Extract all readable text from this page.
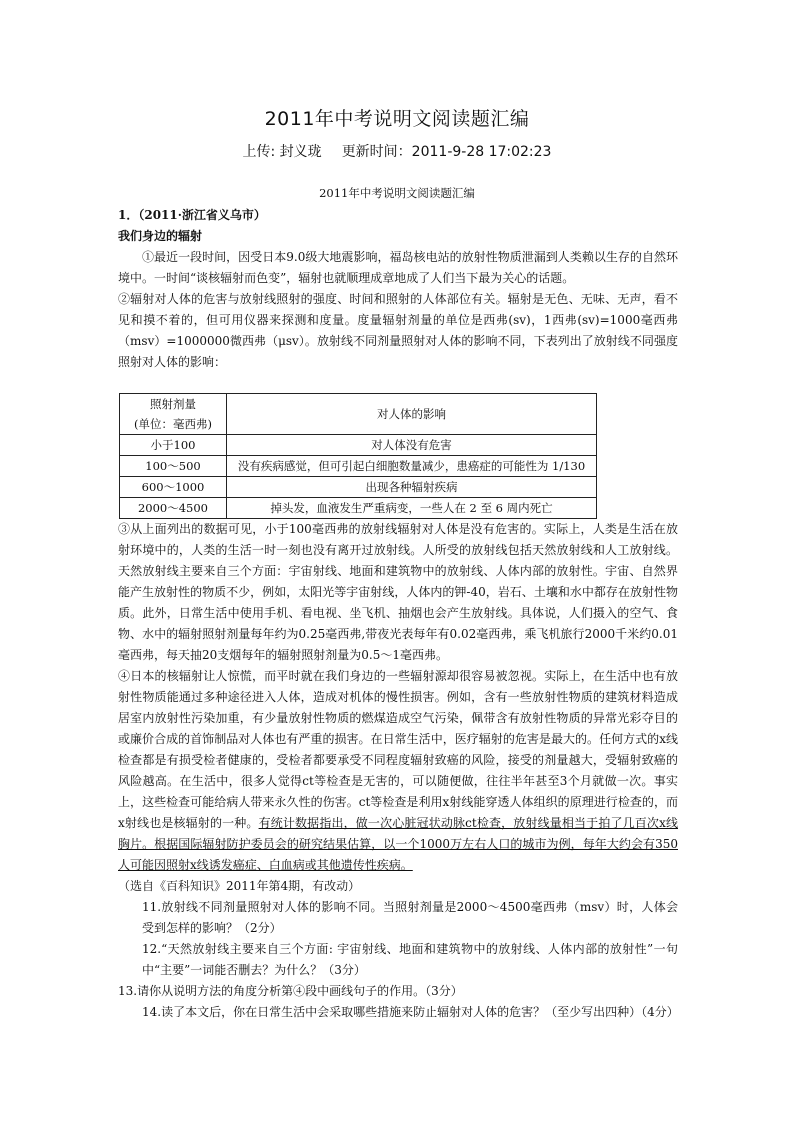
2011年中考说明文阅读题汇编
上传: 封义珑 更新时间：2011-9-28 17:02:23
2011年中考说明文阅读题汇编

1．（2011·浙江省义乌市）

我们身边的辐射

①最近一段时间，因受日本9.0级大地震影响，福岛核电站的放射性物质泄漏到人类赖以生存的自然环境中。一时间“谈核辐射而色变”，辐射也就顺理成章地成了人们当下最为关心的话题。

②辐射对人体的危害与放射线照射的强度、时间和照射的人体部位有关。辐射是无色、无味、无声，看不见和摸不着的，但可用仪器来探测和度量。度量辐射剂量的单位是西弗(sv)，1西弗(sv)=1000毫西弗（msv）=1000000微西弗（μsv）。放射线不同剂量照射对人体的影响不同，下表列出了放射线不同强度照射对人体的影响：

照射剂量
(单位：毫西弗)	对人体的影响
小于100	对人体没有危害
100～500	没有疾病感觉，但可引起白细胞数量减少，患癌症的可能性为 1/130
600～1000	出现各种辐射疾病
2000～4500	掉头发，血液发生严重病变，一些人在 2 至 6 周内死亡

③从上面列出的数据可见，小于100毫西弗的放射线辐射对人体是没有危害的。实际上，人类是生活在放射环境中的，人类的生活一时一刻也没有离开过放射线。人所受的放射线包括天然放射线和人工放射线。天然放射线主要来自三个方面：宇宙射线、地面和建筑物中的放射线、人体内部的放射性。宇宙、自然界能产生放射性的物质不少，例如，太阳光等宇宙射线，人体内的钾-40，岩石、土壤和水中都存在放射性物质。此外，日常生活中使用手机、看电视、坐飞机、抽烟也会产生放射线。具体说，人们摄入的空气、食物、水中的辐射照射剂量每年约为0.25毫西弗,带夜光表每年有0.02毫西弗，乘飞机旅行2000千米约0.01毫西弗，每天抽20支烟每年的辐射照射剂量为0.5～1毫西弗。

④日本的核辐射让人惊慌，而平时就在我们身边的一些辐射源却很容易被忽视。实际上，在生活中也有放射性物质能通过多种途径进入人体，造成对机体的慢性损害。例如，含有一些放射性物质的建筑材料造成居室内放射性污染加重，有少量放射性物质的燃煤造成空气污染，佩带含有放射性物质的异常光彩夺目的或廉价合成的首饰制品对人体也有严重的损害。在日常生活中，医疗辐射的危害是最大的。任何方式的x线检查都是有损受检者健康的，受检者都要承受不同程度辐射致癌的风险，接受的剂量越大，受辐射致癌的风险越高。在生活中，很多人觉得ct等检查是无害的，可以随便做，往往半年甚至3个月就做一次。事实上，这些检查可能给病人带来永久性的伤害。ct等检查是利用x射线能穿透人体组织的原理进行检查的，而x射线也是核辐射的一种。有统计数据指出，做一次心脏冠状动脉ct检查，放射线量相当于拍了几百次x线胸片。根据国际辐射防护委员会的研究结果估算，以一个1000万左右人口的城市为例，每年大约会有350人可能因照射x线诱发癌症、白血病或其他遗传性疾病。

（选自《百科知识》2011年第4期，有改动）

11.放射线不同剂量照射对人体的影响不同。当照射剂量是2000～4500毫西弗（msv）时，人体会受到怎样的影响？（2分）

12.“天然放射线主要来自三个方面: 宇宙射线、地面和建筑物中的放射线、人体内部的放射性”一句中“主要”一词能否删去？为什么？（3分）

13.请你从说明方法的角度分析第④段中画线句子的作用。（3分）

14.读了本文后，你在日常生活中会采取哪些措施来防止辐射对人体的危害？（至少写出四种）（4分）
